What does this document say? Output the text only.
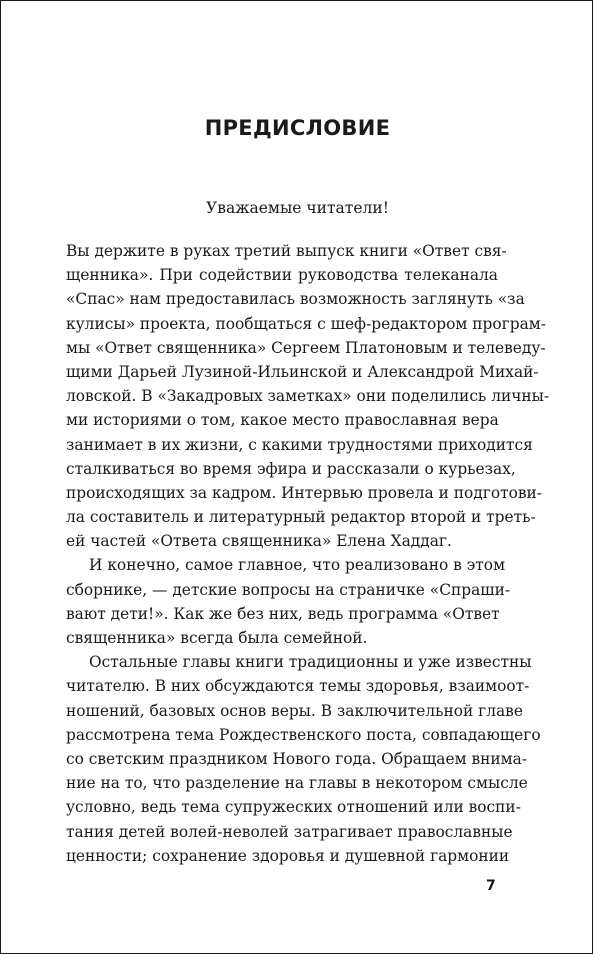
ПРЕДИСЛОВИЕ
Уважаемые читатели!
Вы держите в руках третий выпуск книги «Ответ свя-
щенника». При содействии руководства телеканала
«Спас» нам предоставилась возможность заглянуть «за
кулисы» проекта, пообщаться с шеф-редактором програм-
мы «Ответ священника» Сергеем Платоновым и телеведу-
щими Дарьей Лузиной-Ильинской и Александрой Михай-
ловской. В «Закадровых заметках» они поделились личны-
ми историями о том, какое место православная вера
занимает в их жизни, с какими трудностями приходится
сталкиваться во время эфира и рассказали о курьезах,
происходящих за кадром. Интервью провела и подготови-
ла составитель и литературный редактор второй и треть-
ей частей «Ответа священника» Елена Хаддаг.
И конечно, самое главное, что реализовано в этом
сборнике, — детские вопросы на страничке «Спраши-
вают дети!». Как же без них, ведь программа «Ответ
священника» всегда была семейной.
Остальные главы книги традиционны и уже известны
читателю. В них обсуждаются темы здоровья, взаимоот-
ношений, базовых основ веры. В заключительной главе
рассмотрена тема Рождественского поста, совпадающего
со светским праздником Нового года. Обращаем внима-
ние на то, что разделение на главы в некотором смысле
условно, ведь тема супружеских отношений или воспи-
тания детей волей-неволей затрагивает православные
ценности; сохранение здоровья и душевной гармонии
7
